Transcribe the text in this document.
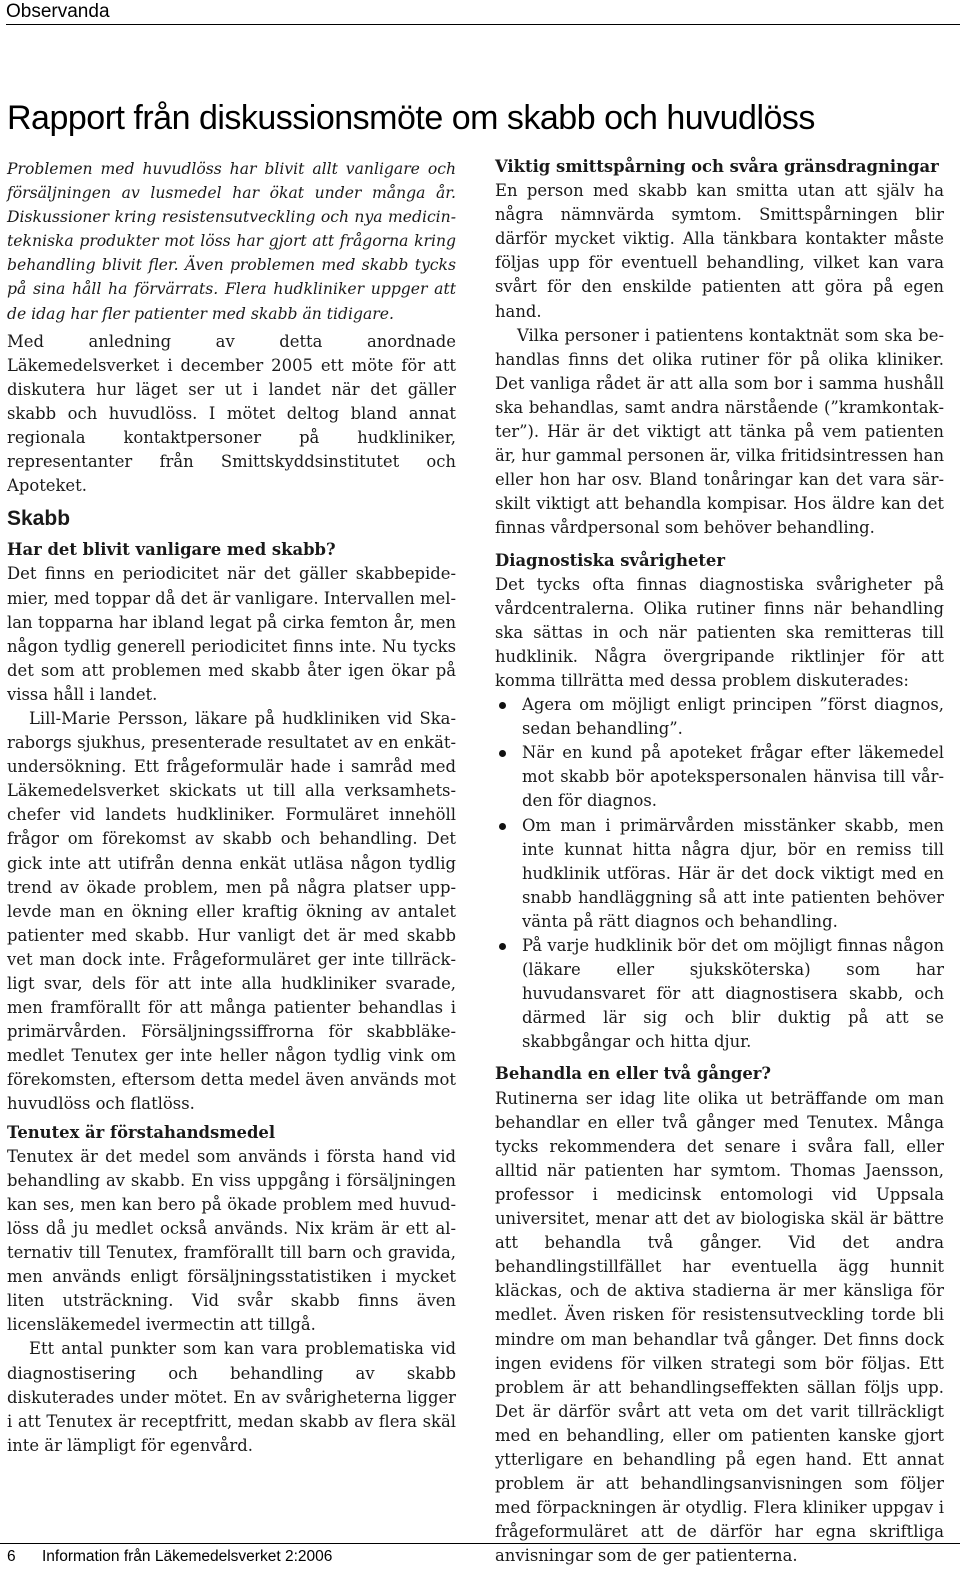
Observanda
Rapport från diskussionsmöte om skabb och huvudlöss

Problemen med huvudlöss har blivit allt vanligare och försäljningen av lusmedel har ökat under många år. Diskussioner kring resistensutveckling och nya medicintekniska produkter mot löss har gjort att frågorna kring behandling blivit fler. Även problemen med skabb tycks på sina håll ha förvärrats. Flera hudkliniker uppger att de idag har fler patienter med skabb än tidigare.

Med anledning av detta anordnade Läkemedelsverket i december 2005 ett möte för att diskutera hur läget ser ut i landet när det gäller skabb och huvudlöss. I mötet deltog bland annat regionala kontaktpersoner på hudkliniker, representanter från Smittskyddsinstitutet och Apoteket.

Skabb

Har det blivit vanligare med skabb?

Det finns en periodicitet när det gäller skabbepidemier, med toppar då det är vanligare. Intervallen mellan topparna har ibland legat på cirka femton år, men någon tydlig generell periodicitet finns inte. Nu tycks det som att problemen med skabb åter igen ökar på vissa håll i landet.

Lill-Marie Persson, läkare på hudkliniken vid Skaraborgs sjukhus, presenterade resultatet av en enkätundersökning. Ett frågeformulär hade i samråd med Läkemedelsverket skickats ut till alla verksamhetschefer vid landets hudkliniker. Formuläret innehöll frågor om förekomst av skabb och behandling. Det gick inte att utifrån denna enkät utläsa någon tydlig trend av ökade problem, men på några platser upplevde man en ökning eller kraftig ökning av antalet patienter med skabb. Hur vanligt det är med skabb vet man dock inte. Frågeformuläret ger inte tillräckligt svar, dels för att inte alla hudkliniker svarade, men framförallt för att många patienter behandlas i primärvården. Försäljningssiffrorna för skabbläkemedlet Tenutex ger inte heller någon tydlig vink om förekomsten, eftersom detta medel även används mot huvudlöss och flatlöss.

Tenutex är förstahandsmedel

Tenutex är det medel som används i första hand vid behandling av skabb. En viss uppgång i försäljningen kan ses, men kan bero på ökade problem med huvudlöss då ju medlet också används. Nix kräm är ett alternativ till Tenutex, framförallt till barn och gravida, men används enligt försäljningsstatistiken i mycket liten utsträckning. Vid svår skabb finns även licensläkemedel ivermectin att tillgå.

Ett antal punkter som kan vara problematiska vid diagnostisering och behandling av skabb diskuterades under mötet. En av svårigheterna ligger i att Tenutex är receptfritt, medan skabb av flera skäl inte är lämpligt för egenvård.

Viktig smittspårning och svåra gränsdragningar

En person med skabb kan smitta utan att själv ha några nämnvärda symtom. Smittspårningen blir därför mycket viktig. Alla tänkbara kontakter måste följas upp för eventuell behandling, vilket kan vara svårt för den enskilde patienten att göra på egen hand.

Vilka personer i patientens kontaktnät som ska behandlas finns det olika rutiner för på olika kliniker. Det vanliga rådet är att alla som bor i samma hushåll ska behandlas, samt andra närstående (”kramkontakter”). Här är det viktigt att tänka på vem patienten är, hur gammal personen är, vilka fritidsintressen han eller hon har osv. Bland tonåringar kan det vara särskilt viktigt att behandla kompisar. Hos äldre kan det finnas vårdpersonal som behöver behandling.

Diagnostiska svårigheter

Det tycks ofta finnas diagnostiska svårigheter på vårdcentralerna. Olika rutiner finns när behandling ska sättas in och när patienten ska remitteras till hudklinik. Några övergripande riktlinjer för att komma tillrätta med dessa problem diskuterades:

Agera om möjligt enligt principen ”först diagnos, sedan behandling”.
När en kund på apoteket frågar efter läkemedel mot skabb bör apotekspersonalen hänvisa till vården för diagnos.
Om man i primärvården misstänker skabb, men inte kunnat hitta några djur, bör en remiss till hudklinik utföras. Här är det dock viktigt med en snabb handläggning så att inte patienten behöver vänta på rätt diagnos och behandling.
På varje hudklinik bör det om möjligt finnas någon (läkare eller sjuksköterska) som har huvudansvaret för att diagnostisera skabb, och därmed lär sig och blir duktig på att se skabbgångar och hitta djur.

Behandla en eller två gånger?

Rutinerna ser idag lite olika ut beträffande om man behandlar en eller två gånger med Tenutex. Många tycks rekommendera det senare i svåra fall, eller alltid när patienten har symtom. Thomas Jaensson, professor i medicinsk entomologi vid Uppsala universitet, menar att det av biologiska skäl är bättre att behandla två gånger. Vid det andra behandlingstillfället har eventuella ägg hunnit kläckas, och de aktiva stadierna är mer känsliga för medlet. Även risken för resistensutveckling torde bli mindre om man behandlar två gånger. Det finns dock ingen evidens för vilken strategi som bör följas. Ett problem är att behandlingseffekten sällan följs upp. Det är därför svårt att veta om det varit tillräckligt med en behandling, eller om patienten kanske gjort ytterligare en behandling på egen hand. Ett annat problem är att behandlingsanvisningen som följer med förpackningen är otydlig. Flera kliniker uppgav i frågeformuläret att de därför har egna skriftliga anvisningar som de ger patienterna.

6 Information från Läkemedelsverket 2:2006
